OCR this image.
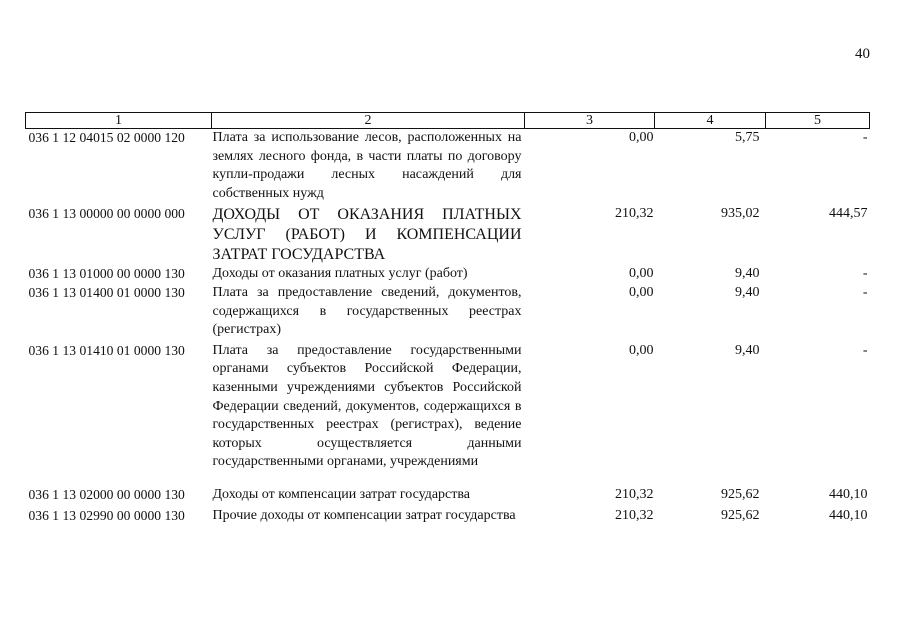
40
1	2	3	4	5
036 1 12 04015 02 0000 120	Плата за использование лесов, расположенных на землях лесного фонда, в части платы по договору купли-продажи лесных насаждений для собственных нужд	0,00	5,75	-
036 1 13 00000 00 0000 000	ДОХОДЫ ОТ ОКАЗАНИЯ ПЛАТНЫХ УСЛУГ (РАБОТ) И КОМПЕНСАЦИИ ЗАТРАТ ГОСУДАРСТВА	210,32	935,02	444,57
036 1 13 01000 00 0000 130	Доходы от оказания платных услуг (работ)	0,00	9,40	-
036 1 13 01400 01 0000 130	Плата за предоставление сведений, документов, содержащихся в государственных реестрах (регистрах)	0,00	9,40	-
036 1 13 01410 01 0000 130	Плата за предоставление государственными органами субъектов Российской Федерации, казенными учреждениями субъектов Российской Федерации сведений, документов, содержащихся в государственных реестрах (регистрах), ведение которых осуществляется данными государственными органами, учреждениями	0,00	9,40	-
036 1 13 02000 00 0000 130	Доходы от компенсации затрат государства	210,32	925,62	440,10
036 1 13 02990 00 0000 130	Прочие доходы от компенсации затрат государства	210,32	925,62	440,10
